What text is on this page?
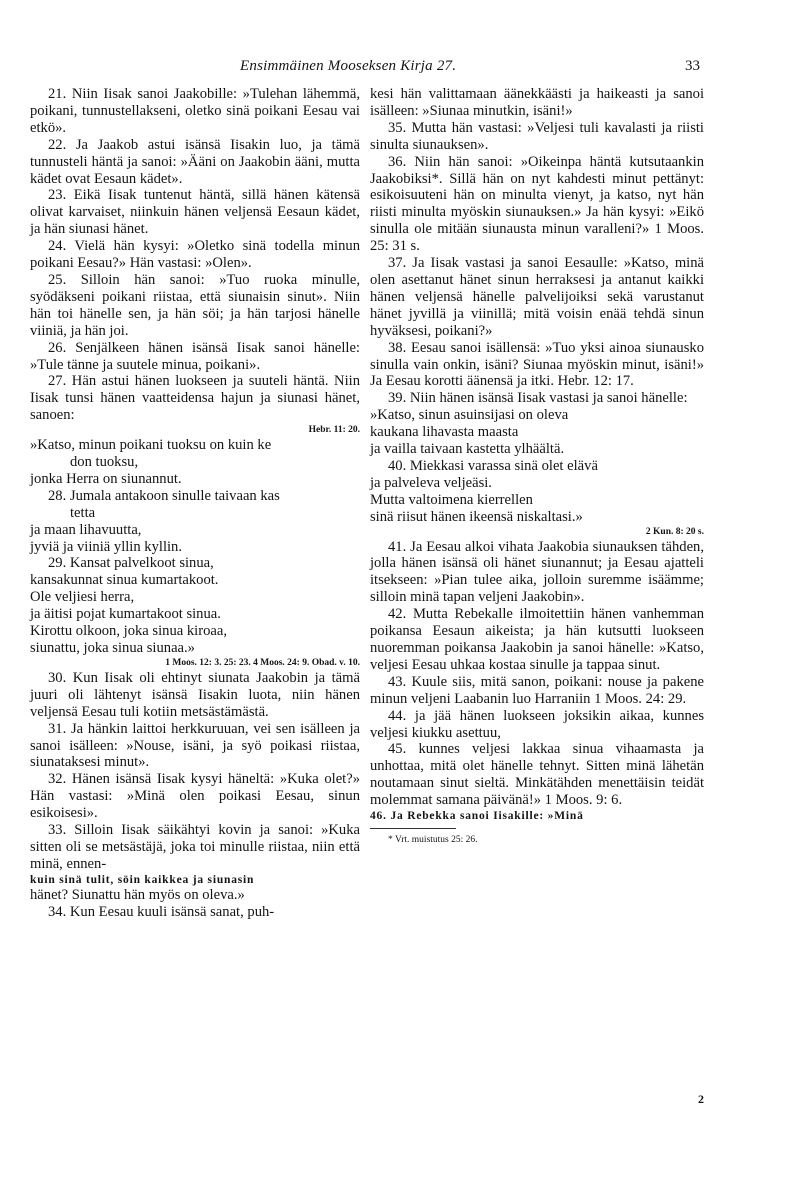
Ensimmäinen Mooseksen Kirja 27.	33

21. Niin Iisak sanoi Jaakobille: »Tulehan lähemmä, poikani, tunnustellakseni, oletko sinä poikani Eesau vai etkö».

22. Ja Jaakob astui isänsä Iisakin luo, ja tämä tunnusteli häntä ja sanoi: »Ääni on Jaakobin ääni, mutta kädet ovat Eesaun kädet».

23. Eikä Iisak tuntenut häntä, sillä hänen kätensä olivat karvaiset, niinkuin hänen veljensä Eesaun kädet, ja hän siunasi hänet.

24. Vielä hän kysyi: »Oletko sinä todella minun poikani Eesau?» Hän vastasi: »Olen».

25. Silloin hän sanoi: »Tuo ruoka minulle, syödäkseni poikani riistaa, että siunaisin sinut». Niin hän toi hänelle sen, ja hän söi; ja hän tarjosi hänelle viiniä, ja hän joi.

26. Senjälkeen hänen isänsä Iisak sanoi hänelle: »Tule tänne ja suutele minua, poikani».

27. Hän astui hänen luokseen ja suuteli häntä. Niin Iisak tunsi hänen vaatteidensa hajun ja siunasi hänet, sanoen:

Hebr. 11: 20.

»Katso, minun poikani tuoksu on kuin ke

don tuoksu,

jonka Herra on siunannut.

28. Jumala antakoon sinulle taivaan kas

tetta

ja maan lihavuutta,

jyviä ja viiniä yllin kyllin.

29. Kansat palvelkoot sinua,

kansakunnat sinua kumartakoot.

Ole veljiesi herra,

ja äitisi pojat kumartakoot sinua.

Kirottu olkoon, joka sinua kiroaa,

siunattu, joka sinua siunaa.»

1 Moos. 12: 3. 25: 23. 4 Moos. 24: 9. Obad. v. 10.

30. Kun Iisak oli ehtinyt siunata Jaakobin ja tämä juuri oli lähtenyt isänsä Iisakin luota, niin hänen veljensä Eesau tuli kotiin metsästämästä.

31. Ja hänkin laittoi herkkuruuan, vei sen isälleen ja sanoi isälleen: »Nouse, isäni, ja syö poikasi riistaa, siunataksesi minut».

32. Hänen isänsä Iisak kysyi häneltä: »Kuka olet?» Hän vastasi: »Minä olen poikasi Eesau, sinun esikoisesi».

33. Silloin Iisak säikähtyi kovin ja sanoi: »Kuka sitten oli se metsästäjä, joka toi minulle riistaa, niin että minä, ennen-

kuin sinä tulit, söin kaikkea ja siunasin

hänet? Siunattu hän myös on oleva.»

34. Kun Eesau kuuli isänsä sanat, puh-

kesi hän valittamaan äänekkäästi ja haikeasti ja sanoi isälleen: »Siunaa minutkin, isäni!»

35. Mutta hän vastasi: »Veljesi tuli kavalasti ja riisti sinulta siunauksen».

36. Niin hän sanoi: »Oikeinpa häntä kutsutaankin Jaakobiksi*. Sillä hän on nyt kahdesti minut pettänyt: esikoisuuteni hän on minulta vienyt, ja katso, nyt hän riisti minulta myöskin siunauksen.» Ja hän kysyi: »Eikö sinulla ole mitään siunausta minun varalleni?» 1 Moos. 25: 31 s.

37. Ja Iisak vastasi ja sanoi Eesaulle: »Katso, minä olen asettanut hänet sinun herraksesi ja antanut kaikki hänen veljensä hänelle palvelijoiksi sekä varustanut hänet jyvillä ja viinillä; mitä voisin enää tehdä sinun hyväksesi, poikani?»

38. Eesau sanoi isällensä: »Tuo yksi ainoa siunausko sinulla vain onkin, isäni? Siunaa myöskin minut, isäni!» Ja Eesau korotti äänensä ja itki. Hebr. 12: 17.

39. Niin hänen isänsä Iisak vastasi ja sanoi hänelle:

»Katso, sinun asuinsijasi on oleva

kaukana lihavasta maasta

ja vailla taivaan kastetta ylhäältä.

40. Miekkasi varassa sinä olet elävä

ja palveleva veljeäsi.

Mutta valtoimena kierrellen

sinä riisut hänen ikeensä niskaltasi.»

2 Kun. 8: 20 s.

41. Ja Eesau alkoi vihata Jaakobia siunauksen tähden, jolla hänen isänsä oli hänet siunannut; ja Eesau ajatteli itsekseen: »Pian tulee aika, jolloin suremme isäämme; silloin minä tapan veljeni Jaakobin».

42. Mutta Rebekalle ilmoitettiin hänen vanhemman poikansa Eesaun aikeista; ja hän kutsutti luokseen nuoremman poikansa Jaakobin ja sanoi hänelle: »Katso, veljesi Eesau uhkaa kostaa sinulle ja tappaa sinut.

43. Kuule siis, mitä sanon, poikani: nouse ja pakene minun veljeni Laabanin luo Harraniin 1 Moos. 24: 29.

44. ja jää hänen luokseen joksikin aikaa, kunnes veljesi kiukku asettuu,

45. kunnes veljesi lakkaa sinua vihaamasta ja unhottaa, mitä olet hänelle tehnyt. Sitten minä lähetän noutamaan sinut sieltä. Minkätähden menettäisin teidät molemmat samana päivänä!» 1 Moos. 9: 6.

46. Ja Rebekka sanoi Iisakille: »Minä

* Vrt. muistutus 25: 26.
2
